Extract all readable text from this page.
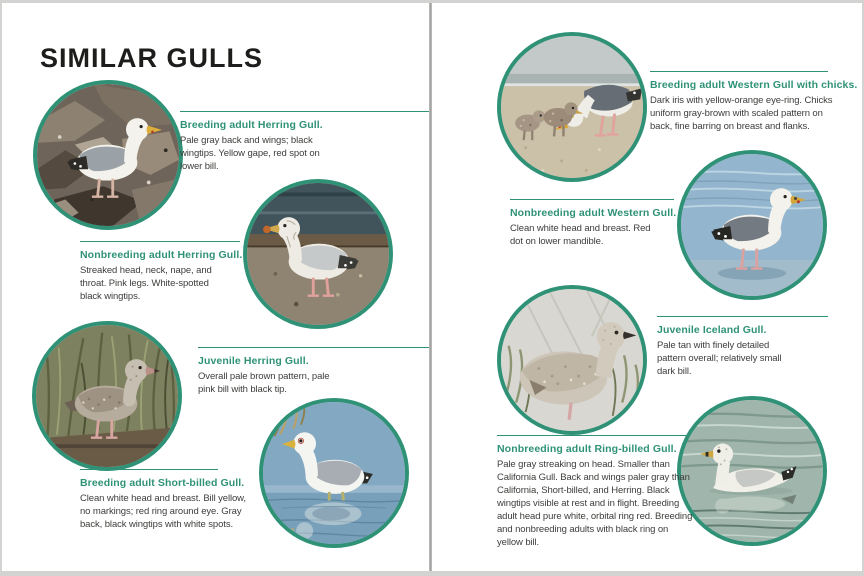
SIMILAR GULLS
Breeding adult Herring Gull.
Pale gray back and wings; black wingtips. Yellow gape, red spot on lower bill.
Nonbreeding adult Herring Gull.
Streaked head, neck, nape, and throat. Pink legs. White-spotted black wingtips.
Juvenile Herring Gull.
Overall pale brown pattern, pale pink bill with black tip.
Breeding adult Short-billed Gull.
Clean white head and breast. Bill yellow, no markings; red ring around eye. Gray back, black wingtips with white spots.
Breeding adult Western Gull with chicks.
Dark iris with yellow-orange eye-ring. Chicks uniform gray-brown with scaled pattern on back, fine barring on breast and flanks.
Nonbreeding adult Western Gull.
Clean white head and breast. Red dot on lower mandible.
Juvenile Iceland Gull.
Pale tan with finely detailed pattern overall; relatively small dark bill.
Nonbreeding adult Ring-billed Gull.
Pale gray streaking on head. Smaller than California Gull. Back and wings paler gray than California, Short-billed, and Herring. Black wingtips visible at rest and in flight. Breeding adult head pure white, orbital ring red. Breeding and nonbreeding adults with black ring on yellow bill.
